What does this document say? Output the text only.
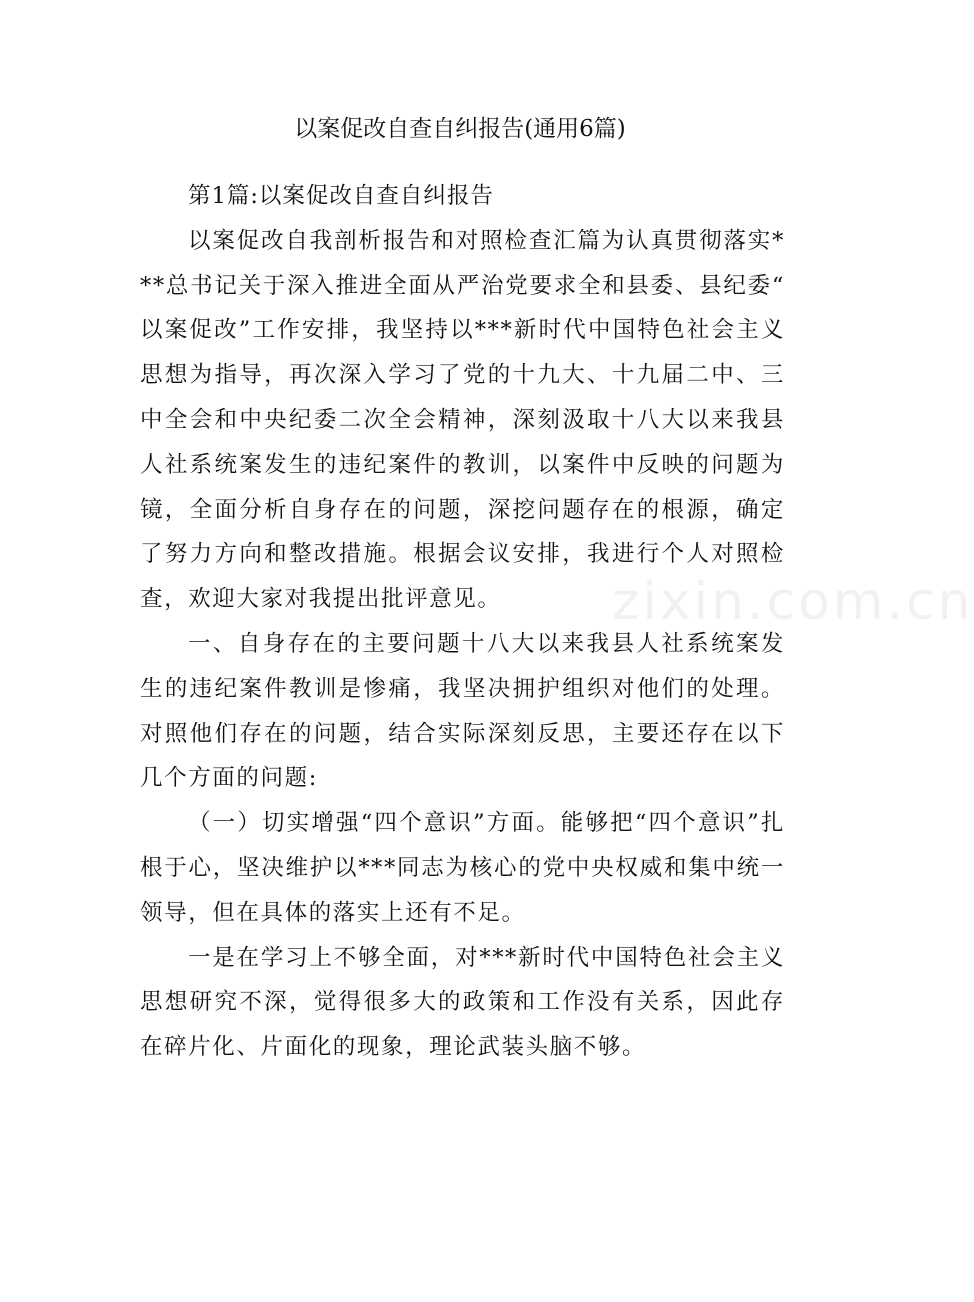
zixin.com.cn
以案促改自查自纠报告(通用6篇)

第1篇:以案促改自查自纠报告

以案促改自我剖析报告和对照检查汇篇为认真贯彻落实***总书记关于深入推进全面从严治党要求全和县委、县纪委“以案促改”工作安排，我坚持以***新时代中国特色社会主义思想为指导，再次深入学习了党的十九大、十九届二中、三中全会和中央纪委二次全会精神，深刻汲取十八大以来我县人社系统案发生的违纪案件的教训，以案件中反映的问题为镜，全面分析自身存在的问题，深挖问题存在的根源，确定了努力方向和整改措施。根据会议安排，我进行个人对照检查，欢迎大家对我提出批评意见。

一、自身存在的主要问题十八大以来我县人社系统案发生的违纪案件教训是惨痛，我坚决拥护组织对他们的处理。对照他们存在的问题，结合实际深刻反思，主要还存在以下几个方面的问题:

（一）切实增强“四个意识”方面。能够把“四个意识”扎根于心，坚决维护以***同志为核心的党中央权威和集中统一领导，但在具体的落实上还有不足。

一是在学习上不够全面，对***新时代中国特色社会主义思想研究不深，觉得很多大的政策和工作没有关系，因此存在碎片化、片面化的现象，理论武装头脑不够。
